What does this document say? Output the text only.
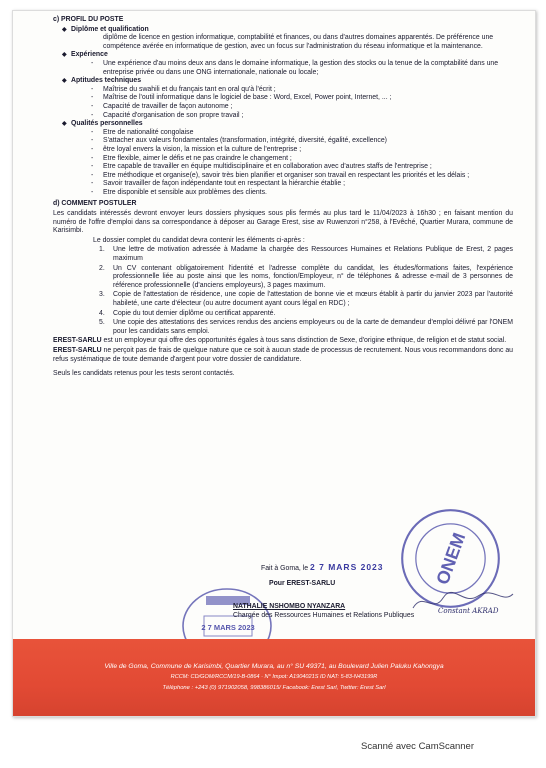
c) PROFIL DU POSTE
◆ Diplôme et qualification
diplôme de licence en gestion informatique, comptabilité et finances, ou dans d'autres domaines apparentés. De préférence une compétence avérée en informatique de gestion, avec un focus sur l'administration du réseau informatique et la maintenance.
◆ Expérience
- Une expérience d'au moins deux ans dans le domaine informatique, la gestion des stocks ou la tenue de la comptabilité dans une entreprise privée ou dans une ONG internationale, nationale ou locale;
◆ Aptitudes techniques
- Maîtrise du swahili et du français tant en oral qu'à l'écrit ;
- Maîtrise de l'outil informatique dans le logiciel de base : Word, Excel, Power point, Internet, ... ;
- Capacité de travailler de façon autonome ;
- Capacité d'organisation de son propre travail ;
◆ Qualités personnelles
- Etre de nationalité congolaise
- S'attacher aux valeurs fondamentales (transformation, intégrité, diversité, égalité, excellence)
- être loyal envers la vision, la mission et la culture de l'entreprise ;
- Etre flexible, aimer le défis et ne pas craindre le changement ;
- Etre capable de travailler en équipe multidisciplinaire et en collaboration avec d'autres staffs de l'entreprise ;
- Etre méthodique et organise(e), savoir très bien planifier et organiser son travail en respectant les priorités et les délais ;
- Savoir travailler de façon indépendante tout en respectant la hiérarchie établie ;
- Etre disponible et sensible aux problèmes des clients.
d) COMMENT POSTULER
Les candidats intéressés devront envoyer leurs dossiers physiques sous plis fermés au plus tard le 11/04/2023 à 16h30 ; en faisant mention du numéro de l'offre d'emploi dans sa correspondance à déposer au Garage Erest, sise av Ruwenzori n°258, à l'Evêché, Quartier Murara, commune de Karisimbi.
Le dossier complet du candidat devra contenir les éléments ci-après :
1. Une lettre de motivation adressée à Madame la chargée des Ressources Humaines et Relations Publique de Erest, 2 pages maximum
2. Un CV contenant obligatoirement l'identité et l'adresse complète du candidat, les études/formations faites, l'expérience professionnelle liée au poste ainsi que les noms, fonction/Employeur, n° de téléphones & adresse e-mail de 3 personnes de référence professionnelle (d'anciens employeurs), 3 pages maximum.
3. Copie de l'attestation de résidence, une copie de l'attestation de bonne vie et mœurs établit à partir du janvier 2023 par l'autorité habileté, une carte d'électeur (ou autre document ayant cours légal en RDC) ;
4. Copie du tout dernier diplôme ou certificat apparenté.
5. Une copie des attestations des services rendus des anciens employeurs ou de la carte de demandeur d'emploi délivré par l'ONEM pour les candidats sans emploi.
EREST-SARLU est un employeur qui offre des opportunités égales à tous sans distinction de Sexe, d'origine ethnique, de religion et de statut social.
EREST-SARLU ne perçoit pas de frais de quelque nature que ce soit à aucun stade de processus de recrutement. Nous vous recommandons donc au refus systématique de toute demande d'argent pour votre dossier de candidature.
Seuls les candidats retenus pour les tests seront contactés.
ONEM
2 7 MARS 2023
Constant AKRAD
Fait à Goma, le 2 7 MARS 2023
Pour EREST-SARLU
NATHALIE NSHOMBO NYANZARA
Chargée des Ressources Humaines et Relations Publiques
Ville de Goma, Commune de Karisimbi, Quartier Murara, au n° SU 49371, au Boulevard Julien Paluku Kahongya
RCCM: CD/GOM/RCCM/19-B-0864 · N° Impot: A1904021S ID NAT: 5-83-N43199R
Téléphone : +243 (0) 971902058, 998386015/ Facebook: Erest Sarl, Twitter: Erest Sarl
Scanné avec CamScanner
